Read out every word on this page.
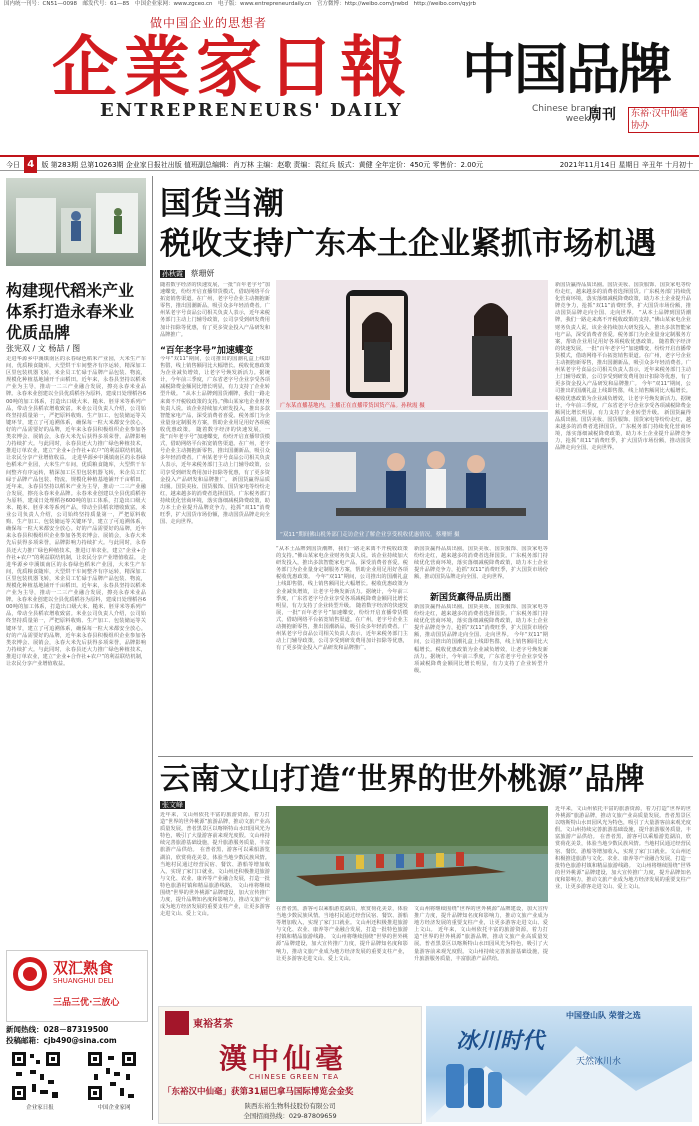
国内统一刊号：CN51—0098　邮发代号：61—85　中国企业家网：www.zgceo.cn　电子版：www.entrepreneurdaily.cn　官方微博：http://weibo.com/jrwbd　http://weibo.com/qyjrb
做中国企业的思想者
企業家日報
ENTREPRENEURS' DAILY
中国品牌
Chinese brand
weekly
周刊	东裕·汉中仙毫协办
今日 4 版 第283期 总第10263期 企业家日报社出版 值班副总编辑：肖万林 主编：赵歌 责编：袁红兵 版式：黄健 全年定价：450元 零售价：2.00元	2021年11月14日 星期日 辛丑年 十月初十
构建现代稻米产业体系打造永春米业优质品牌
张宪双 / 文 杨喆 / 图
走进华源乡中溪镇南区的永春绿色稻米产业园，大米生产车间，优质粮食随库，大型烘干车间整齐有序运转，精深加工区里包装机器飞转，米企员工忙碌于品牌产品包装、物流，规模化种植基地铺开千亩稻田。近年来，永春县坚持以稻米产业为主导，推动一二三产业融合发展，擦亮永春米业品牌。永春米业创建以全县优质稻谷为原料，建成日处理稻谷600吨的加工体系，打造出口级大米、糙米、胚芽米等系列产品，带动全县稻农增收致富。米业公司负责人介绍，公司始终坚持质量第一，严把原料收购、生产加工、包装储运等关键环节，建立了可追溯体系，确保每一粒大米都安全放心。好的产品需要好的品牌，近年来永春县积极组织企业参加各类农博会、展销会，永春大米先后获得多项荣誉，品牌影响力持续扩大。与此同时，永春县还大力推广绿色种植技术，推进订单农业，建立“企业+合作社+农户”的利益联结机制，让农民分享产业增值收益。 走进华源乡中溪镇南区的永春绿色稻米产业园，大米生产车间，优质粮食随库，大型烘干车间整齐有序运转，精深加工区里包装机器飞转，米企员工忙碌于品牌产品包装、物流，规模化种植基地铺开千亩稻田。近年来，永春县坚持以稻米产业为主导，推动一二三产业融合发展，擦亮永春米业品牌。永春米业创建以全县优质稻谷为原料，建成日处理稻谷600吨的加工体系，打造出口级大米、糙米、胚芽米等系列产品，带动全县稻农增收致富。米业公司负责人介绍，公司始终坚持质量第一，严把原料收购、生产加工、包装储运等关键环节，建立了可追溯体系，确保每一粒大米都安全放心。好的产品需要好的品牌，近年来永春县积极组织企业参加各类农博会、展销会，永春大米先后获得多项荣誉，品牌影响力持续扩大。与此同时，永春县还大力推广绿色种植技术，推进订单农业，建立“企业+合作社+农户”的利益联结机制，让农民分享产业增值收益。 走进华源乡中溪镇南区的永春绿色稻米产业园，大米生产车间，优质粮食随库，大型烘干车间整齐有序运转，精深加工区里包装机器飞转，米企员工忙碌于品牌产品包装、物流，规模化种植基地铺开千亩稻田。近年来，永春县坚持以稻米产业为主导，推动一二三产业融合发展，擦亮永春米业品牌。永春米业创建以全县优质稻谷为原料，建成日处理稻谷600吨的加工体系，打造出口级大米、糙米、胚芽米等系列产品，带动全县稻农增收致富。米业公司负责人介绍，公司始终坚持质量第一，严把原料收购、生产加工、包装储运等关键环节，建立了可追溯体系，确保每一粒大米都安全放心。好的产品需要好的品牌，近年来永春县积极组织企业参加各类农博会、展销会，永春大米先后获得多项荣誉，品牌影响力持续扩大。与此同时，永春县还大力推广绿色种植技术，推进订单农业，建立“企业+合作社+农户”的利益联结机制，让农民分享产业增值收益。
双汇熟食
SHUANGHUI DELI
三品三优·三放心
新闻热线：028－87319500
投稿邮箱：cjb490@sina.com
企业家日报	中国企业家网
国货当潮
税收支持广东本土企业紧抓市场机遇
孙秋霞 蔡珊妍
随着数字经济的快速发展，一批“百年老字号”加速蝶变，纷纷开启直播带货模式，借助网络平台拓宽销售渠道。在广州，老字号企业主动拥抱新零售，推出国潮新品，吸引众多年轻消费者。广州某老字号食品公司相关负责人表示，近年来税务部门主动上门辅导政策，公司享受到研发费用加计扣除等优惠，有了更多资金投入产品研发和品牌推广。
“百年老字号”加速蝶变
今年“双11”期间，公司推出的国潮礼盒上线即售罄，线上销售额同比大幅增长。税收优惠政策为企业减负增效，让老字号焕发新活力。据统计，今年前三季度，广东省老字号企业享受各项减税降费金额同比增长明显，有力支持了企业转型升级。 “从本土品牌到国货潮牌，我们一路走来离不开税收政策的支持。”佛山某家电企业财务负责人说。该企业持续加大研发投入，推出多款智能家电产品，深受消费者喜爱。税务部门为企业量身定制服务方案，帮助企业用足用好各项税收优惠政策。 随着数字经济的快速发展，一批“百年老字号”加速蝶变，纷纷开启直播带货模式，借助网络平台拓宽销售渠道。在广州，老字号企业主动拥抱新零售，推出国潮新品，吸引众多年轻消费者。广州某老字号食品公司相关负责人表示，近年来税务部门主动上门辅导政策，公司享受到研发费用加计扣除等优惠，有了更多资金投入产品研发和品牌推广。 新国货赢得品质出圈。国货美妆、国货服饰、国货家电等纷纷走红，越来越多的消费者选择国货。广东税务部门持续优化营商环境，落实落细减税降费政策，助力本土企业提升品牌竞争力，抢抓“双11”消费旺季，扩大国货市场份额，推动国货品牌走向全国、走向世界。
广东某直播基地内，主播正在直播带货国货产品。孙秋霞 摄
“双11”期间佛山税务部门走访企业了解企业享受税收优惠情况。蔡珊妍 摄
“从本土品牌到国货潮牌，我们一路走来离不开税收政策的支持。”佛山某家电企业财务负责人说。该企业持续加大研发投入，推出多款智能家电产品，深受消费者喜爱。税务部门为企业量身定制服务方案，帮助企业用足用好各项税收优惠政策。 今年“双11”期间，公司推出的国潮礼盒上线即售罄，线上销售额同比大幅增长。税收优惠政策为企业减负增效，让老字号焕发新活力。据统计，今年前三季度，广东省老字号企业享受各项减税降费金额同比增长明显，有力支持了企业转型升级。 随着数字经济的快速发展，一批“百年老字号”加速蝶变，纷纷开启直播带货模式，借助网络平台拓宽销售渠道。在广州，老字号企业主动拥抱新零售，推出国潮新品，吸引众多年轻消费者。广州某老字号食品公司相关负责人表示，近年来税务部门主动上门辅导政策，公司享受到研发费用加计扣除等优惠，有了更多资金投入产品研发和品牌推广。
新国货赢得品质出圈。国货美妆、国货服饰、国货家电等纷纷走红，越来越多的消费者选择国货。广东税务部门持续优化营商环境，落实落细减税降费政策，助力本土企业提升品牌竞争力，抢抓“双11”消费旺季，扩大国货市场份额，推动国货品牌走向全国、走向世界。
新国货赢得品质出圈
新国货赢得品质出圈。国货美妆、国货服饰、国货家电等纷纷走红，越来越多的消费者选择国货。广东税务部门持续优化营商环境，落实落细减税降费政策，助力本土企业提升品牌竞争力，抢抓“双11”消费旺季，扩大国货市场份额，推动国货品牌走向全国、走向世界。 今年“双11”期间，公司推出的国潮礼盒上线即售罄，线上销售额同比大幅增长。税收优惠政策为企业减负增效，让老字号焕发新活力。据统计，今年前三季度，广东省老字号企业享受各项减税降费金额同比增长明显，有力支持了企业转型升级。
新国货赢得品质出圈。国货美妆、国货服饰、国货家电等纷纷走红，越来越多的消费者选择国货。广东税务部门持续优化营商环境，落实落细减税降费政策，助力本土企业提升品牌竞争力，抢抓“双11”消费旺季，扩大国货市场份额，推动国货品牌走向全国、走向世界。 “从本土品牌到国货潮牌，我们一路走来离不开税收政策的支持。”佛山某家电企业财务负责人说。该企业持续加大研发投入，推出多款智能家电产品，深受消费者喜爱。税务部门为企业量身定制服务方案，帮助企业用足用好各项税收优惠政策。 随着数字经济的快速发展，一批“百年老字号”加速蝶变，纷纷开启直播带货模式，借助网络平台拓宽销售渠道。在广州，老字号企业主动拥抱新零售，推出国潮新品，吸引众多年轻消费者。广州某老字号食品公司相关负责人表示，近年来税务部门主动上门辅导政策，公司享受到研发费用加计扣除等优惠，有了更多资金投入产品研发和品牌推广。 今年“双11”期间，公司推出的国潮礼盒上线即售罄，线上销售额同比大幅增长。税收优惠政策为企业减负增效，让老字号焕发新活力。据统计，今年前三季度，广东省老字号企业享受各项减税降费金额同比增长明显，有力支持了企业转型升级。 新国货赢得品质出圈。国货美妆、国货服饰、国货家电等纷纷走红，越来越多的消费者选择国货。广东税务部门持续优化营商环境，落实落细减税降费政策，助力本土企业提升品牌竞争力，抢抓“双11”消费旺季，扩大国货市场份额，推动国货品牌走向全国、走向世界。
云南文山打造“世界的世外桃源”品牌
张文峰
近年来，文山州依托丰富的旅游资源，着力打造“世界的世外桃源”旅游品牌，推动文旅产业高质量发展。普者黑景区以喀斯特山水田园风光为特色，吸引了大量游客前来观光度假。文山州持续完善旅游基础设施，提升旅游服务质量，丰富旅游产品供给。 在普者黑，游客可以乘船游览湖泊，欣赏荷花美景，体验当地少数民族风情。当地村民通过经营民宿、餐饮、游船等增加收入，实现了家门口就业。文山州还积极推进旅游与文化、农业、康养等产业融合发展，打造一批特色旅游村镇和精品旅游线路。 文山州将继续围绕“世界的世外桃源”品牌建设，加大宣传推广力度，提升品牌知名度和影响力，推动文旅产业成为地方经济发展的重要支柱产业，让更多游客走进文山、爱上文山。
在普者黑，游客可以乘船游览湖泊，欣赏荷花美景，体验当地少数民族风情。当地村民通过经营民宿、餐饮、游船等增加收入，实现了家门口就业。文山州还积极推进旅游与文化、农业、康养等产业融合发展，打造一批特色旅游村镇和精品旅游线路。 文山州将继续围绕“世界的世外桃源”品牌建设，加大宣传推广力度，提升品牌知名度和影响力，推动文旅产业成为地方经济发展的重要支柱产业，让更多游客走进文山、爱上文山。
文山州将继续围绕“世界的世外桃源”品牌建设，加大宣传推广力度，提升品牌知名度和影响力，推动文旅产业成为地方经济发展的重要支柱产业，让更多游客走进文山、爱上文山。 近年来，文山州依托丰富的旅游资源，着力打造“世界的世外桃源”旅游品牌，推动文旅产业高质量发展。普者黑景区以喀斯特山水田园风光为特色，吸引了大量游客前来观光度假。文山州持续完善旅游基础设施，提升旅游服务质量，丰富旅游产品供给。
近年来，文山州依托丰富的旅游资源，着力打造“世界的世外桃源”旅游品牌，推动文旅产业高质量发展。普者黑景区以喀斯特山水田园风光为特色，吸引了大量游客前来观光度假。文山州持续完善旅游基础设施，提升旅游服务质量，丰富旅游产品供给。 在普者黑，游客可以乘船游览湖泊，欣赏荷花美景，体验当地少数民族风情。当地村民通过经营民宿、餐饮、游船等增加收入，实现了家门口就业。文山州还积极推进旅游与文化、农业、康养等产业融合发展，打造一批特色旅游村镇和精品旅游线路。 文山州将继续围绕“世界的世外桃源”品牌建设，加大宣传推广力度，提升品牌知名度和影响力，推动文旅产业成为地方经济发展的重要支柱产业，让更多游客走进文山、爱上文山。
東裕茗茶
漢中仙毫
CHINESE GREEN TEA
「东裕汉中仙毫」获第31届巴拿马国际博览会金奖
陕西东裕生物科技股份有限公司
全国招商热线：029-87809659
中国登山队 荣誉之选
冰川时代
天然冰川水
